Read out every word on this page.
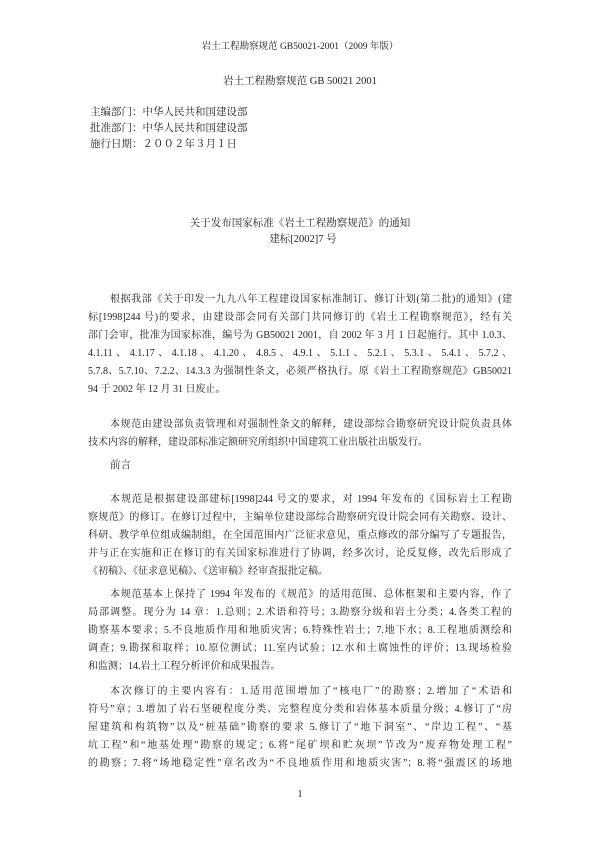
岩土工程勘察规范 GB50021-2001（2009 年版）
岩土工程勘察规范 GB 50021 2001
主编部门：中华人民共和国建设部
批准部门：中华人民共和国建设部
施行日期：２００２年３月１日
关于发布国家标准《岩土工程勘察规范》的通知
建标[2002]7 号
根据我部《关于印发一九九八年工程建设国家标准制订、修订计划(第二批)的通知》(建
标[1998]244 号)的要求，由建设部会同有关部门共同修订的《岩土工程勘察规范》，经有关
部门会审，批准为国家标准，编号为 GB50021 2001，自 2002 年 3 月 1 日起施行。其中 1.0.3、
4.1.11、4.1.17、4.1.18、4.1.20、4.8.5、4.9.1、5.1.1、5.2.1、5.3.1、5.4.1、5.7.2、
5.7.8、5.7.10、7.2.2、14.3.3 为强制性条文，必须严格执行。原《岩土工程勘察规范》GB50021
94 于 2002 年 12 月 31 日废止。
本规范由建设部负责管理和对强制性条文的解释，建设部综合勘察研究设计院负责具体
技术内容的解释，建设部标准定额研究所组织中国建筑工业出版社出版发行。
前言
本规范是根据建设部建标[1998]244 号文的要求，对 1994 年发布的《国标岩土工程勘
察规范》的修订。在修订过程中，主编单位建设部综合勘察研究设计院会同有关勘察、设计、
科研、教学单位组成编制组，在全国范围内广泛征求意见，重点修改的部分编写了专题报告，
并与正在实施和正在修订的有关国家标准进行了协调，经多次讨，论反复修，改先后形成了
《初稿》、《征求意见稿》、《送审稿》经审查报批定稿。
本规范基本上保持了 1994 年发布的《规范》的适用范围、总体框架和主要内容，作了
局部调整。现分为 14 章：1.总则；2.术语和符号；3.勘察分级和岩土分类；4.各类工程的
勘察基本要求；5.不良地质作用和地质灾害；6.特殊性岩土；7.地下水；8.工程地质测绘和
调查；9.勘探和取样；10.原位测试；11.室内试验；12.水和土腐蚀性的评价；13.现场检验
和监测；14.岩土工程分析评价和成果报告。
本次修订的主要内容有：1.适用范围增加了“核电厂”的勘察；2.增加了“术语和
符号”章；3.增加了岩石坚硬程度分类、完整程度分类和岩体基本质量分级；4.修订了“房
屋建筑和构筑物”以及“桩基础”勘察的要求 5.修订了“地下洞室”、“岸边工程”、“基
坑工程”和“地基处理”勘察的规定；6.将“尾矿坝和贮灰坝”节改为“废弃物处理工程”
的勘察；7.将“场地稳定性”章名改为“不良地质作用和地质灾害”；8.将“强震区的场地
1
